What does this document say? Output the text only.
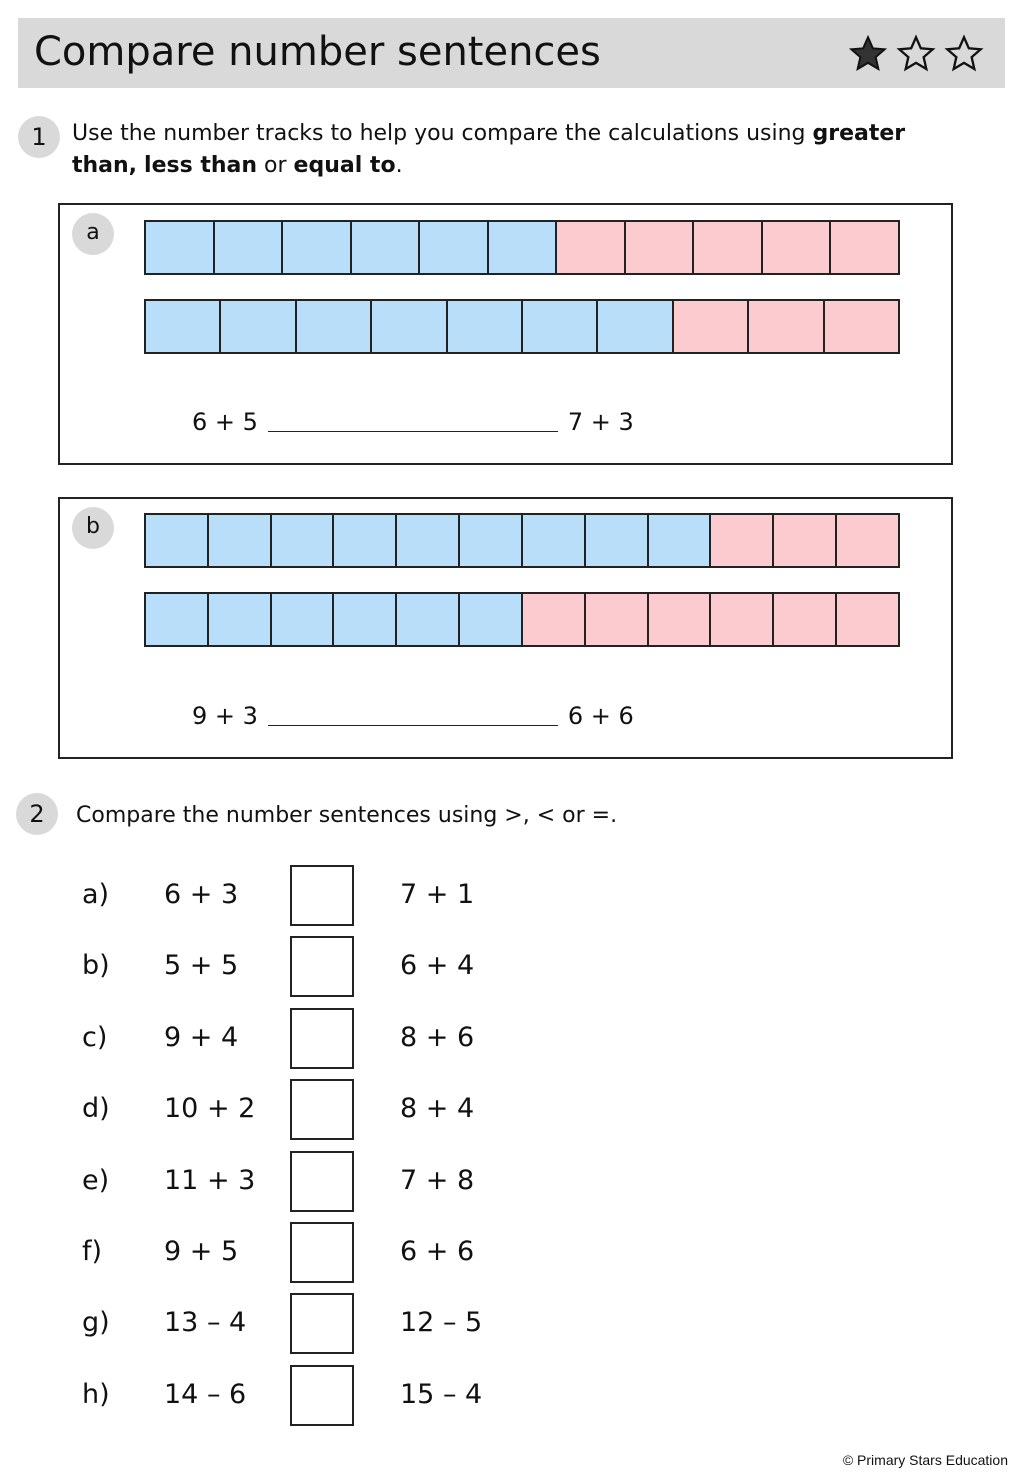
Compare number sentences
1	Use the number tracks to help you compare the calculations using greater than, less than or equal to.
a
6 + 5	7 + 3
b
9 + 3	6 + 6
2	Compare the number sentences using >, < or =.
a) 6 + 3	7 + 1
b) 5 + 5	6 + 4
c) 9 + 4	8 + 6
d) 10 + 2	8 + 4
e) 11 + 3	7 + 8
f) 9 + 5	6 + 6
g) 13 – 4	12 – 5
h) 14 – 6	15 – 4
© Primary Stars Education
